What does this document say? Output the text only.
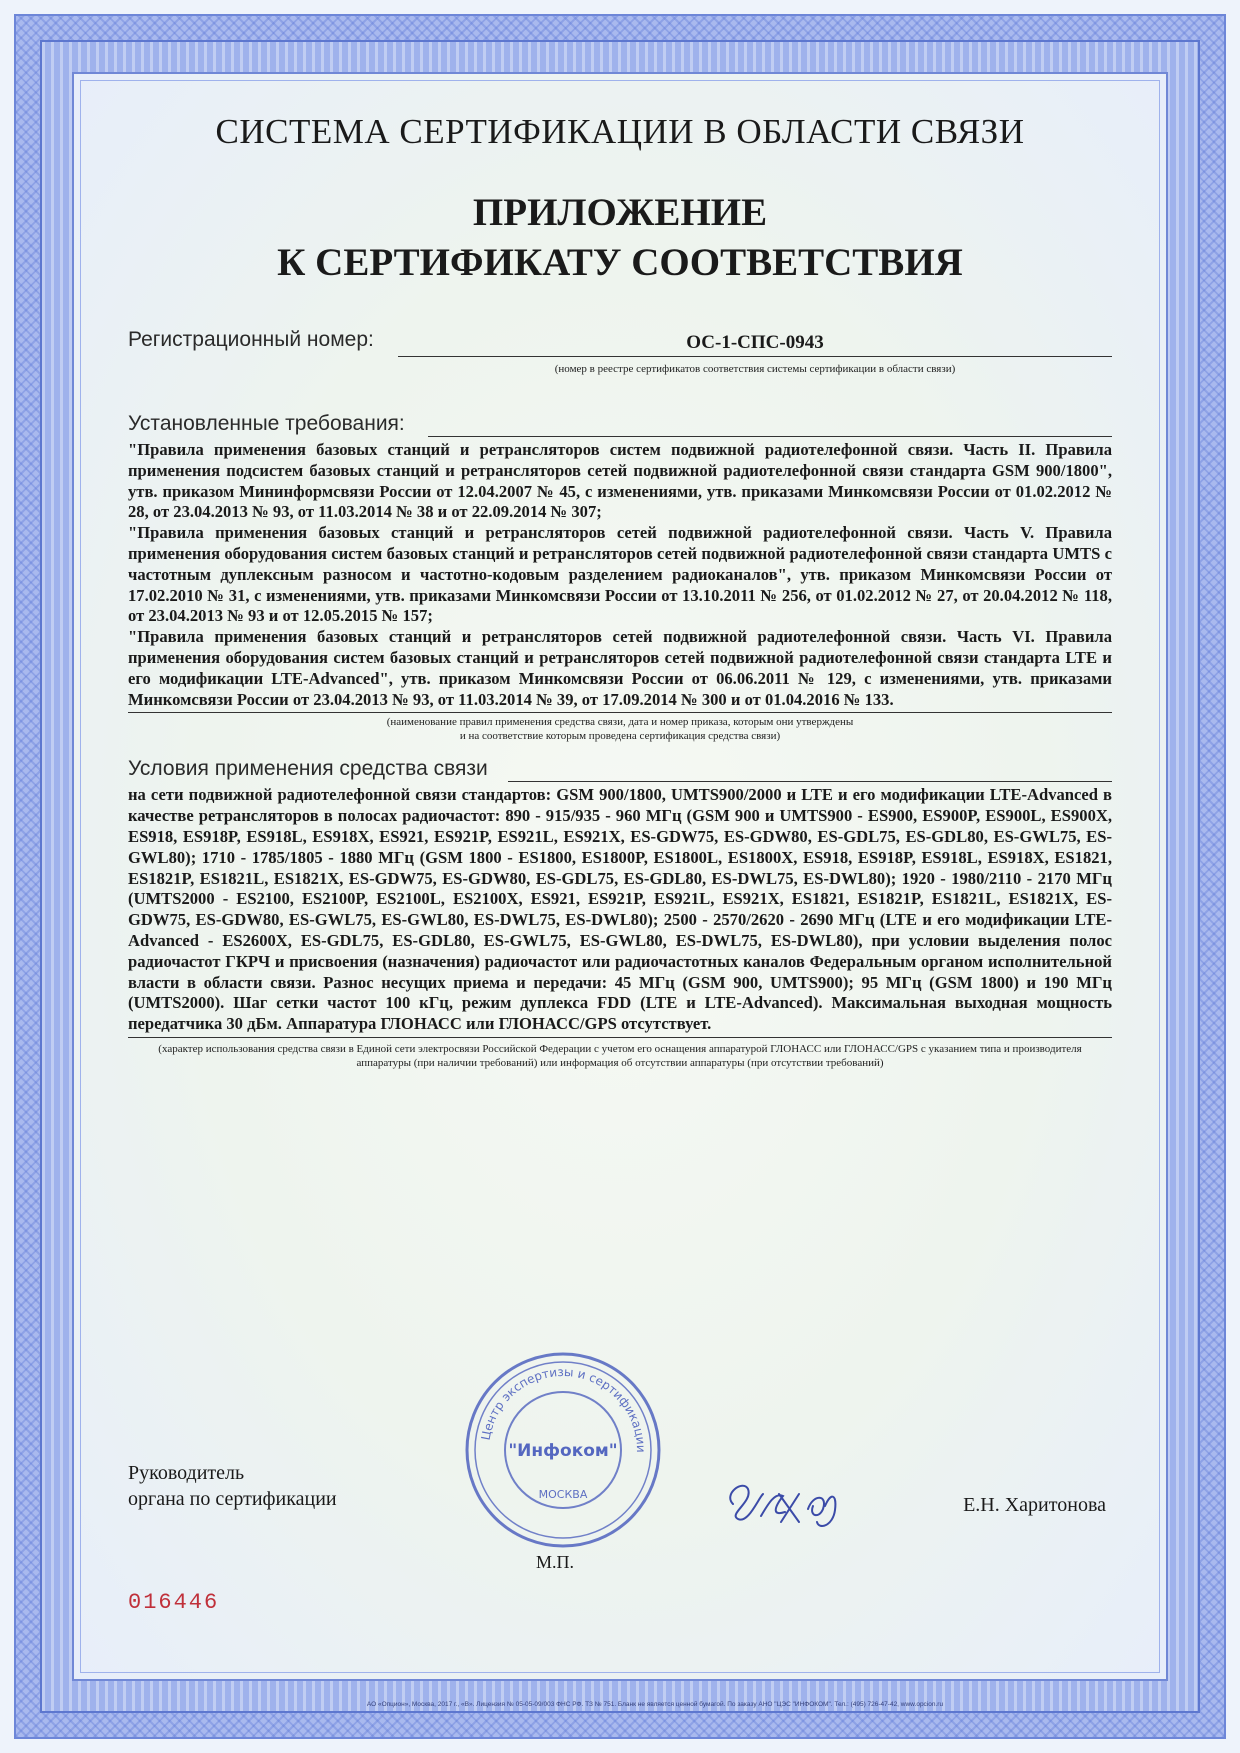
СИСТЕМА СЕРТИФИКАЦИИ В ОБЛАСТИ СВЯЗИ
ПРИЛОЖЕНИЕ
К СЕРТИФИКАТУ СООТВЕТСТВИЯ
Регистрационный номер:	ОС-1-СПС-0943
(номер в реестре сертификатов соответствия системы сертификации в области связи)
Установленные требования:

"Правила применения базовых станций и ретрансляторов систем подвижной радиотелефонной связи. Часть II. Правила применения подсистем базовых станций и ретрансляторов сетей подвижной радиотелефонной связи стандарта GSM 900/1800", утв. приказом Мининформсвязи России от 12.04.2007 № 45, с изменениями, утв. приказами Минкомсвязи России от 01.02.2012 № 28, от 23.04.2013 № 93, от 11.03.2014 № 38 и от 22.09.2014 № 307;

"Правила применения базовых станций и ретрансляторов сетей подвижной радиотелефонной связи. Часть V. Правила применения оборудования систем базовых станций и ретрансляторов сетей подвижной радиотелефонной связи стандарта UMTS с частотным дуплексным разносом и частотно-кодовым разделением радиоканалов", утв. приказом Минкомсвязи России от 17.02.2010 № 31, с изменениями, утв. приказами Минкомсвязи России от 13.10.2011 № 256, от 01.02.2012 № 27, от 20.04.2012 № 118, от 23.04.2013 № 93 и от 12.05.2015 № 157;

"Правила применения базовых станций и ретрансляторов сетей подвижной радиотелефонной связи. Часть VI. Правила применения оборудования систем базовых станций и ретрансляторов сетей подвижной радиотелефонной связи стандарта LTE и его модификации LTE-Advanced", утв. приказом Минкомсвязи России от 06.06.2011 № 129, с изменениями, утв. приказами Минкомсвязи России от 23.04.2013 № 93, от 11.03.2014 № 39, от 17.09.2014 № 300 и от 01.04.2016 № 133.

(наименование правил применения средства связи, дата и номер приказа, которым они утверждены
и на соответствие которым проведена сертификация средства связи)
Условия применения средства связи

на сети подвижной радиотелефонной связи стандартов: GSM 900/1800, UMTS900/2000 и LTE и его модификации LTE-Advanced в качестве ретрансляторов в полосах радиочастот: 890 - 915/935 - 960 МГц (GSM 900 и UMTS900 - ES900, ES900P, ES900L, ES900X, ES918, ES918P, ES918L, ES918X, ES921, ES921P, ES921L, ES921X, ES-GDW75, ES-GDW80, ES-GDL75, ES-GDL80, ES-GWL75, ES-GWL80); 1710 - 1785/1805 - 1880 МГц (GSM 1800 - ES1800, ES1800P, ES1800L, ES1800X, ES918, ES918P, ES918L, ES918X, ES1821, ES1821P, ES1821L, ES1821X, ES-GDW75, ES-GDW80, ES-GDL75, ES-GDL80, ES-DWL75, ES-DWL80); 1920 - 1980/2110 - 2170 МГц (UMTS2000 - ES2100, ES2100P, ES2100L, ES2100X, ES921, ES921P, ES921L, ES921X, ES1821, ES1821P, ES1821L, ES1821X, ES-GDW75, ES-GDW80, ES-GWL75, ES-GWL80, ES-DWL75, ES-DWL80); 2500 - 2570/2620 - 2690 МГц (LTE и его модификации LTE-Advanced - ES2600X, ES-GDL75, ES-GDL80, ES-GWL75, ES-GWL80, ES-DWL75, ES-DWL80), при условии выделения полос радиочастот ГКРЧ и присвоения (назначения) радиочастот или радиочастотных каналов Федеральным органом исполнительной власти в области связи. Разнос несущих приема и передачи: 45 МГц (GSM 900, UMTS900); 95 МГц (GSM 1800) и 190 МГц (UMTS2000). Шаг сетки частот 100 кГц, режим дуплекса FDD (LTE и LTE-Advanced). Максимальная выходная мощность передатчика 30 дБм. Аппаратура ГЛОНАСС или ГЛОНАСС/GPS отсутствует.

(характер использования средства связи в Единой сети электросвязи Российской Федерации с учетом его оснащения аппаратурой ГЛОНАСС или ГЛОНАСС/GPS с указанием типа и производителя аппаратуры (при наличии требований) или информация об отсутствии аппаратуры (при отсутствии требований)
Центр экспертизы и сертификации
"Инфоком"
МОСКВА
Руководитель
органа по сертификации	Е.Н. Харитонова
М.П.
016446
АО «Опцион», Москва, 2017 г., «В». Лицензия № 05-05-09/003 ФНС РФ. ТЗ № 751. Бланк не является ценной бумагой. По заказу АНО "ЦЭС "ИНФОКОМ". Тел.: (495) 726-47-42, www.opcion.ru
